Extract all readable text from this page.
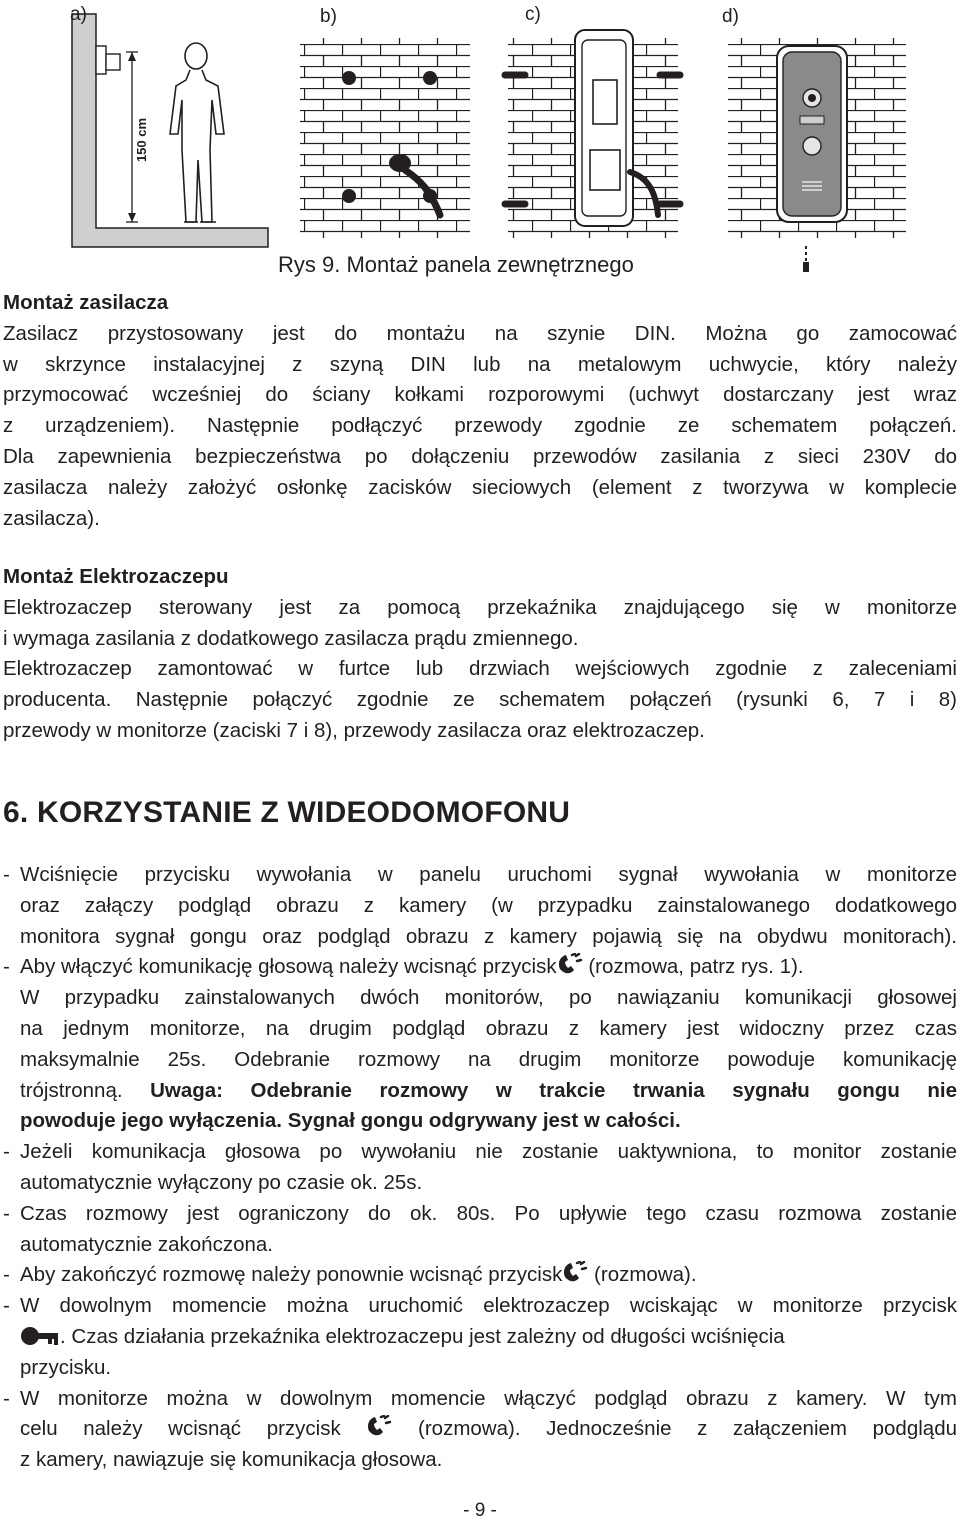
150 cm
a)	b)	c)	d)
Rys 9. Montaż panela zewnętrznego
Montaż zasilacza
Zasilacz przystosowany jest do montażu na szynie DIN. Można go zamocować
w skrzynce instalacyjnej z szyną DIN lub na metalowym uchwycie, który należy
przymocować wcześniej do ściany kołkami rozporowymi (uchwyt dostarczany jest wraz
z urządzeniem). Następnie podłączyć przewody zgodnie ze schematem połączeń.
Dla zapewnienia bezpieczeństwa po dołączeniu przewodów zasilania z sieci 230V do
zasilacza należy założyć osłonkę zacisków sieciowych (element z tworzywa w komplecie
zasilacza).
Montaż Elektrozaczepu
Elektrozaczep sterowany jest za pomocą przekaźnika znajdującego się w monitorze
i wymaga zasilania z dodatkowego zasilacza prądu zmiennego.
Elektrozaczep zamontować w furtce lub drzwiach wejściowych zgodnie z zaleceniami
producenta. Następnie połączyć zgodnie ze schematem połączeń (rysunki 6, 7 i 8)
przewody w monitorze (zaciski 7 i 8), przewody zasilacza oraz elektrozaczep.
6. KORZYSTANIE Z WIDEODOMOFONU
- Wciśnięcie przycisku wywołania w panelu uruchomi sygnał wywołania w monitorze
oraz załączy podgląd obrazu z kamery (w przypadku zainstalowanego dodatkowego
monitora sygnał gongu oraz podgląd obrazu z kamery pojawią się na obydwu monitorach).
- Aby włączyć komunikację głosową należy wcisnąć przycisk (rozmowa, patrz rys. 1).
W przypadku zainstalowanych dwóch monitorów, po nawiązaniu komunikacji głosowej
na jednym monitorze, na drugim podgląd obrazu z kamery jest widoczny przez czas
maksymalnie 25s. Odebranie rozmowy na drugim monitorze powoduje komunikację
trójstronną. Uwaga: Odebranie rozmowy w trakcie trwania sygnału gongu nie
powoduje jego wyłączenia. Sygnał gongu odgrywany jest w całości.
- Jeżeli komunikacja głosowa po wywołaniu nie zostanie uaktywniona, to monitor zostanie
automatycznie wyłączony po czasie ok. 25s.
- Czas rozmowy jest ograniczony do ok. 80s. Po upływie tego czasu rozmowa zostanie
automatycznie zakończona.
- Aby zakończyć rozmowę należy ponownie wcisnąć przycisk (rozmowa).
- W dowolnym momencie można uruchomić elektrozaczep wciskając w monitorze przycisk
. Czas działania przekaźnika elektrozaczepu jest zależny od długości wciśnięcia
przycisku.
- W monitorze można w dowolnym momencie włączyć podgląd obrazu z kamery. W tym
celu należy wcisnąć przycisk	(rozmowa). Jednocześnie z załączeniem podglądu
z kamery, nawiązuje się komunikacja głosowa.
- 9 -
